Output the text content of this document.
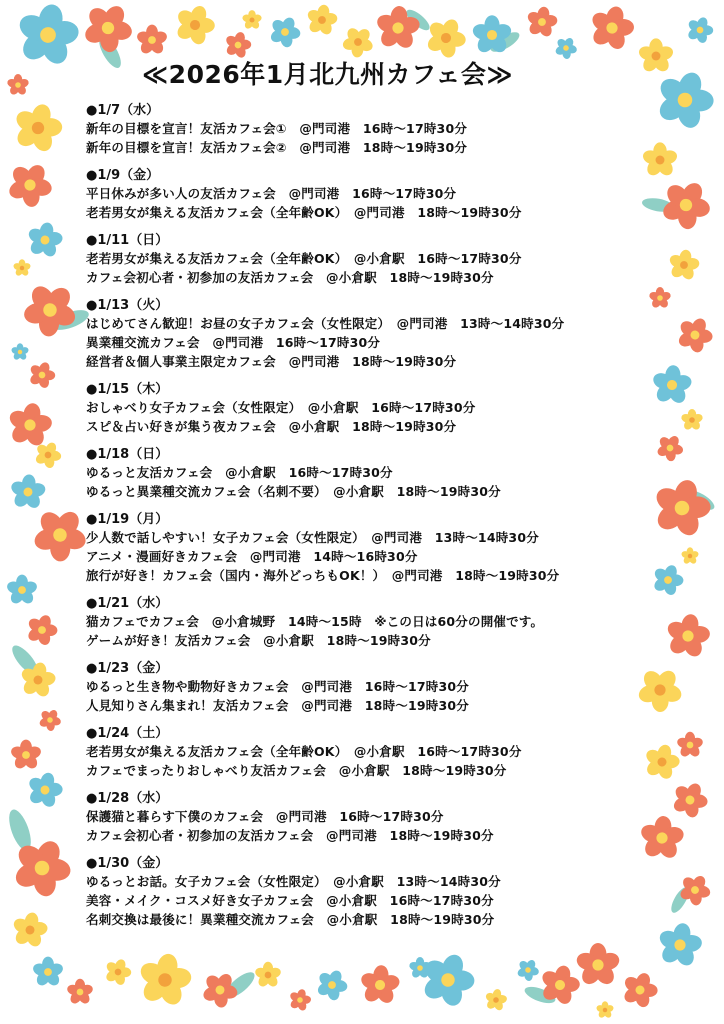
≪2026年1月北九州カフェ会≫
●1/7（水）
新年の目標を宣言！友活カフェ会①　@門司港　16時～17時30分
新年の目標を宣言！友活カフェ会②　@門司港　18時～19時30分
●1/9（金）
平日休みが多い人の友活カフェ会　@門司港　16時～17時30分
老若男女が集える友活カフェ会（全年齢OK）　@門司港　18時～19時30分
●1/11（日）
老若男女が集える友活カフェ会（全年齢OK）　@小倉駅　16時～17時30分
カフェ会初心者・初参加の友活カフェ会　@小倉駅　18時～19時30分
●1/13（火）
はじめてさん歓迎！お昼の女子カフェ会（女性限定）　@門司港　13時～14時30分
異業種交流カフェ会　@門司港　16時～17時30分
経営者＆個人事業主限定カフェ会　@門司港　18時～19時30分
●1/15（木）
おしゃべり女子カフェ会（女性限定）　@小倉駅　16時～17時30分
スピ＆占い好きが集う夜カフェ会　@小倉駅　18時～19時30分
●1/18（日）
ゆるっと友活カフェ会　@小倉駅　16時～17時30分
ゆるっと異業種交流カフェ会（名刺不要）　@小倉駅　18時～19時30分
●1/19（月）
少人数で話しやすい！女子カフェ会（女性限定）　@門司港　13時～14時30分
アニメ・漫画好きカフェ会　@門司港　14時～16時30分
旅行が好き！カフェ会（国内・海外どっちもOK！）　@門司港　18時～19時30分
●1/21（水）
猫カフェでカフェ会　@小倉城野　14時～15時　※この日は60分の開催です。
ゲームが好き！友活カフェ会　@小倉駅　18時～19時30分
●1/23（金）
ゆるっと生き物や動物好きカフェ会　@門司港　16時～17時30分
人見知りさん集まれ！友活カフェ会　@門司港　18時～19時30分
●1/24（土）
老若男女が集える友活カフェ会（全年齢OK）　@小倉駅　16時～17時30分
カフェでまったりおしゃべり友活カフェ会　@小倉駅　18時～19時30分
●1/28（水）
保護猫と暮らす下僕のカフェ会　@門司港　16時～17時30分
カフェ会初心者・初参加の友活カフェ会　@門司港　18時～19時30分
●1/30（金）
ゆるっとお話。女子カフェ会（女性限定）　@小倉駅　13時～14時30分
美容・メイク・コスメ好き女子カフェ会　@小倉駅　16時～17時30分
名刺交換は最後に！異業種交流カフェ会　@小倉駅　18時～19時30分
